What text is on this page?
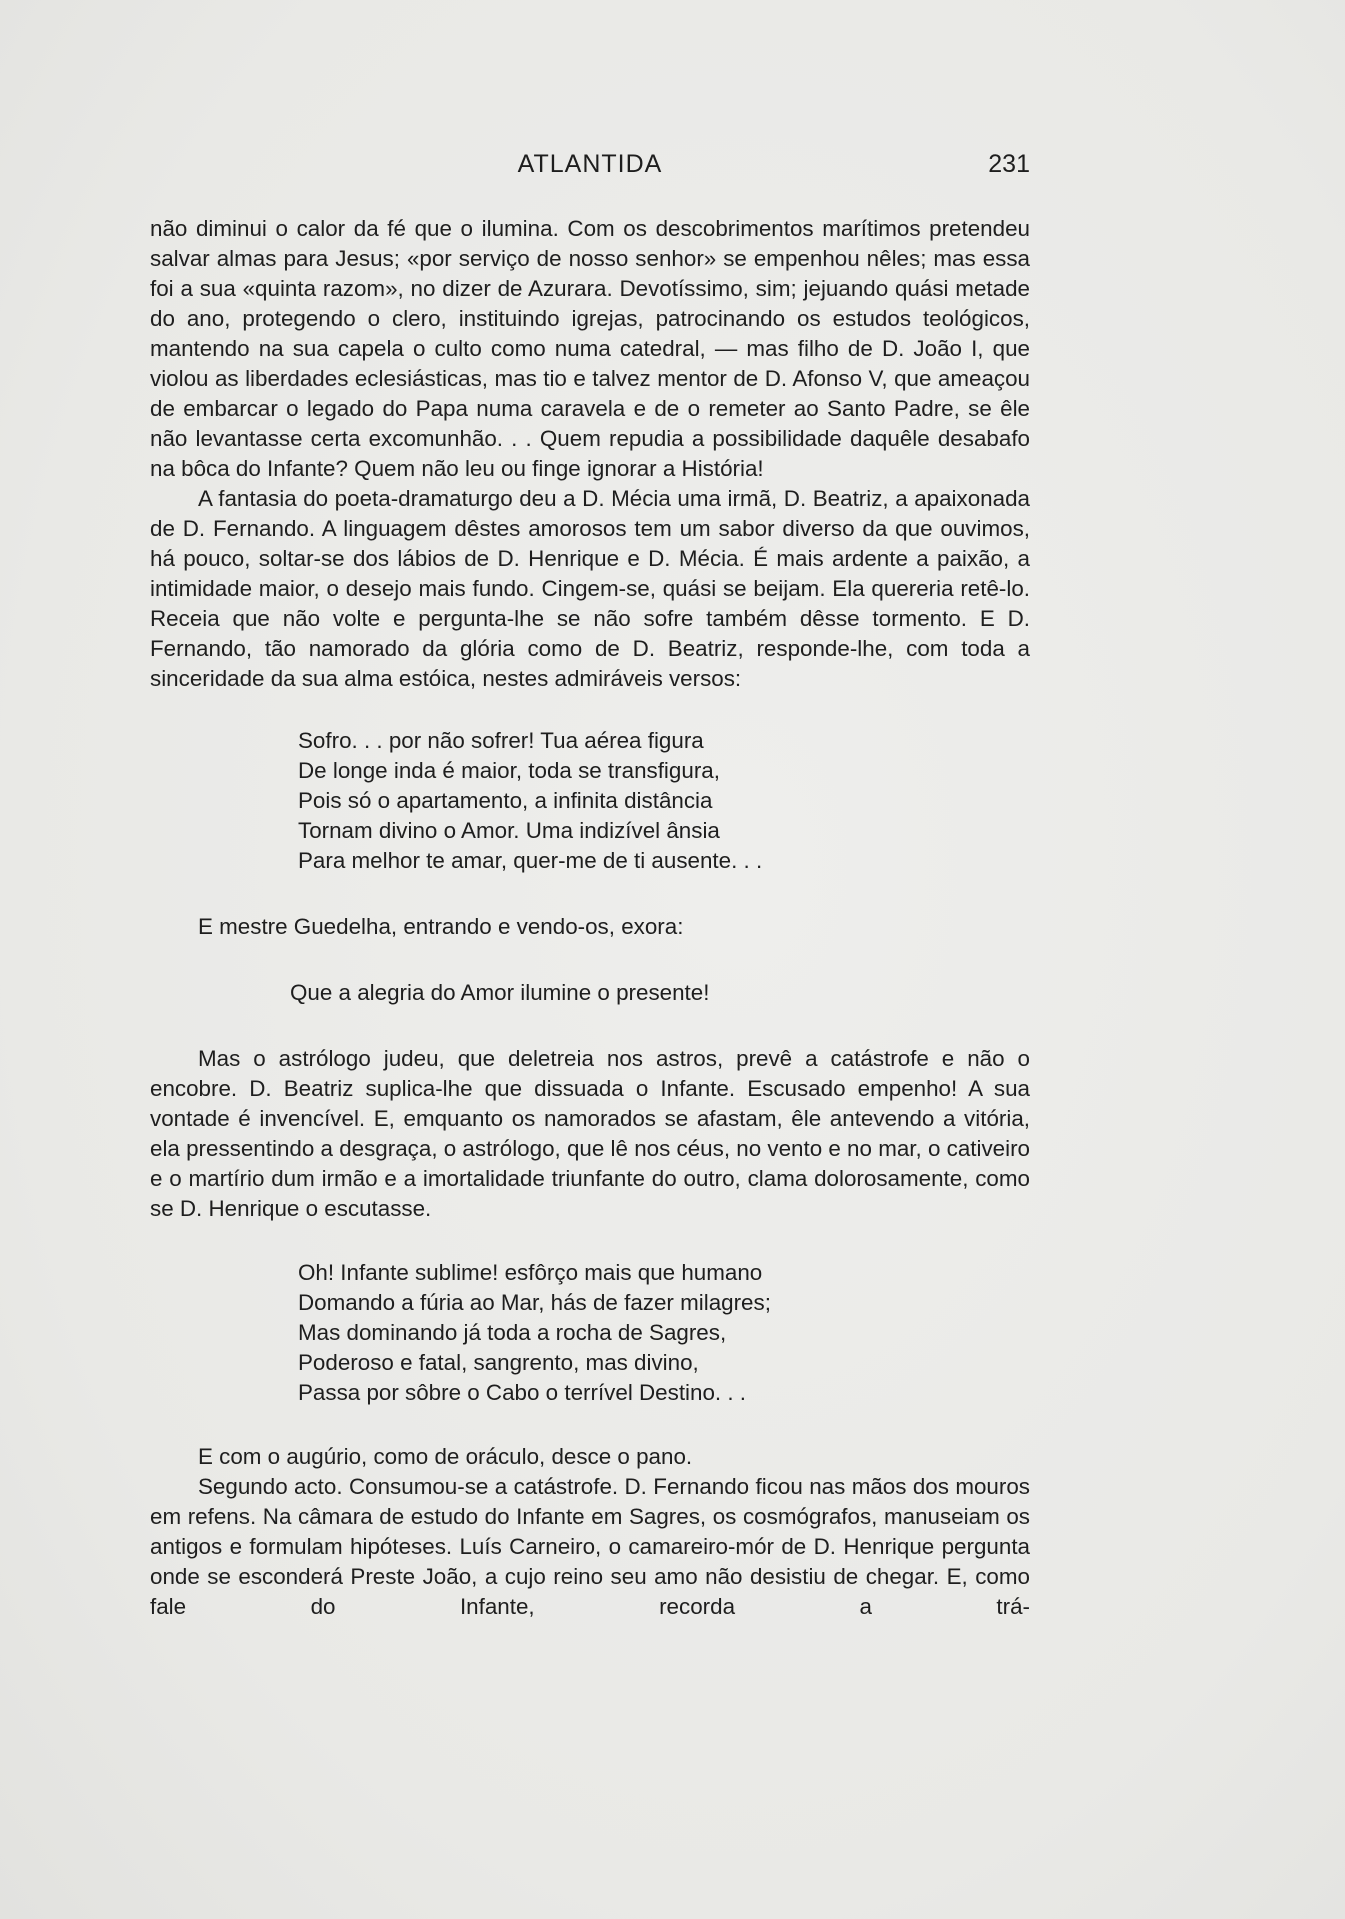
ATLANTIDA	231

não diminui o calor da fé que o ilumina. Com os descobrimentos marítimos pretendeu salvar almas para Jesus; «por serviço de nosso senhor» se empenhou nêles; mas essa foi a sua «quinta razom», no dizer de Azurara. Devotíssimo, sim; jejuando quási metade do ano, protegendo o clero, instituindo igrejas, patrocinando os estudos teológicos, mantendo na sua capela o culto como numa catedral, — mas filho de D. João I, que violou as liberdades eclesiásticas, mas tio e talvez mentor de D. Afonso V, que ameaçou de embarcar o legado do Papa numa caravela e de o remeter ao Santo Padre, se êle não levantasse certa excomunhão. . . Quem repudia a possibilidade daquêle desabafo na bôca do Infante? Quem não leu ou finge ignorar a História!

A fantasia do poeta-dramaturgo deu a D. Mécia uma irmã, D. Beatriz, a apaixonada de D. Fernando. A linguagem dêstes amorosos tem um sabor diverso da que ouvimos, há pouco, soltar-se dos lábios de D. Henrique e D. Mécia. É mais ardente a paixão, a intimidade maior, o desejo mais fundo. Cingem-se, quási se beijam. Ela quereria retê-lo. Receia que não volte e pergunta-lhe se não sofre também dêsse tormento. E D. Fernando, tão namorado da glória como de D. Beatriz, responde-lhe, com toda a sinceridade da sua alma estóica, nestes admiráveis versos:

Sofro. . . por não sofrer! Tua aérea figura
De longe inda é maior, toda se transfigura,
Pois só o apartamento, a infinita distância
Tornam divino o Amor. Uma indizível ânsia
Para melhor te amar, quer-me de ti ausente. . .

E mestre Guedelha, entrando e vendo-os, exora:

Que a alegria do Amor ilumine o presente!

Mas o astrólogo judeu, que deletreia nos astros, prevê a catástrofe e não o encobre. D. Beatriz suplica-lhe que dissuada o Infante. Escusado empenho! A sua vontade é invencível. E, emquanto os namorados se afastam, êle antevendo a vitória, ela pressentindo a desgraça, o astrólogo, que lê nos céus, no vento e no mar, o cativeiro e o martírio dum irmão e a imortalidade triunfante do outro, clama dolorosamente, como se D. Henrique o escutasse.

Oh! Infante sublime! esfôrço mais que humano
Domando a fúria ao Mar, hás de fazer milagres;
Mas dominando já toda a rocha de Sagres,
Poderoso e fatal, sangrento, mas divino,
Passa por sôbre o Cabo o terrível Destino. . .

E com o augúrio, como de oráculo, desce o pano.

Segundo acto. Consumou-se a catástrofe. D. Fernando ficou nas mãos dos mouros em refens. Na câmara de estudo do Infante em Sagres, os cosmógrafos, manuseiam os antigos e formulam hipóteses. Luís Carneiro, o camareiro-mór de D. Henrique pergunta onde se esconderá Preste João, a cujo reino seu amo não desistiu de chegar. E, como fale do Infante, recorda a trá-
